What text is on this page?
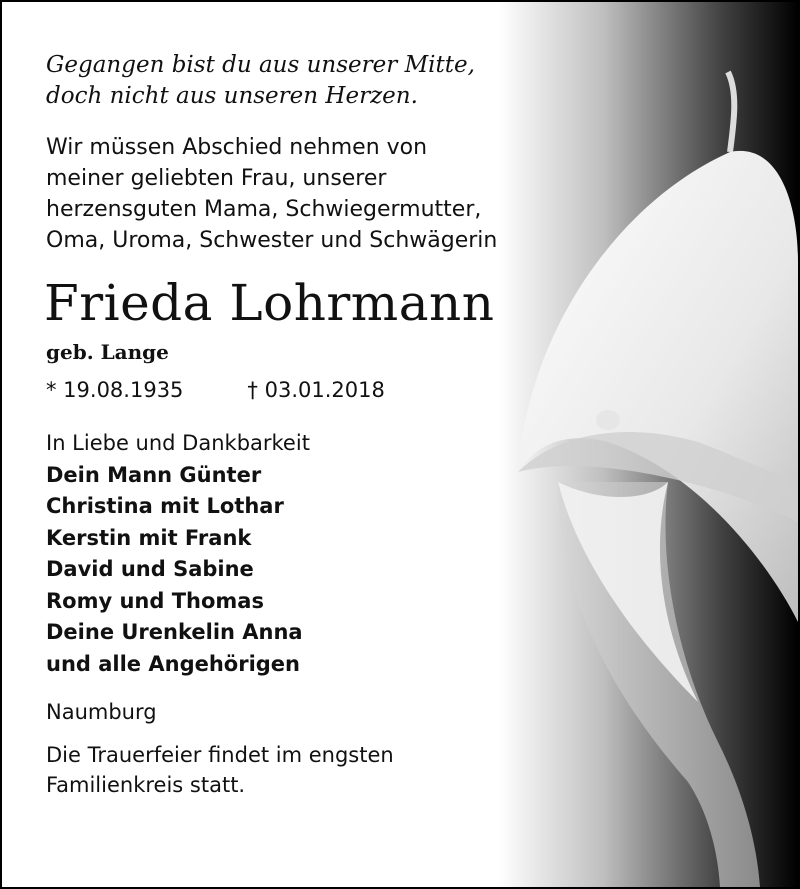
Gegangen bist du aus unserer Mitte,
doch nicht aus unseren Herzen.

Wir müssen Abschied nehmen von
meiner geliebten Frau, unserer
herzensguten Mama, Schwiegermutter,
Oma, Uroma, Schwester und Schwägerin

Frieda Lohrmann
geb. Lange
* 19.08.1935	† 03.01.2018
In Liebe und Dankbarkeit
Dein Mann Günter
Christina mit Lothar
Kerstin mit Frank
David und Sabine
Romy und Thomas
Deine Urenkelin Anna
und alle Angehörigen
Naumburg

Die Trauerfeier findet im engsten
Familienkreis statt.
